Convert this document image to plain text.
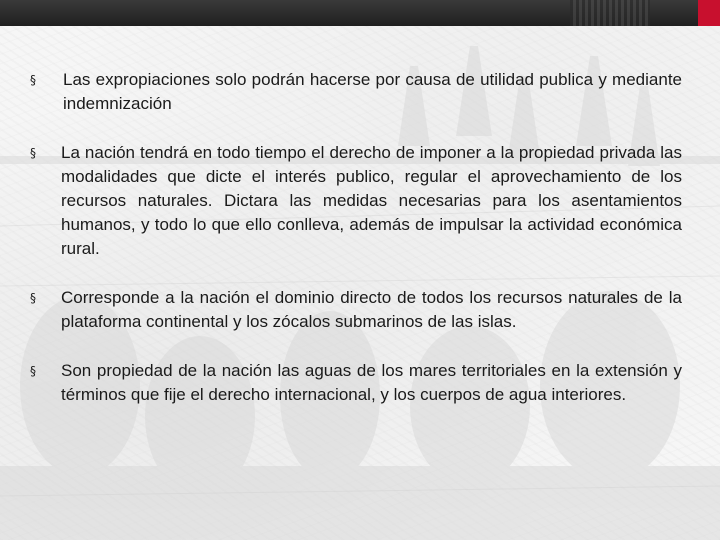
§	Las expropiaciones solo podrán hacerse por causa de utilidad publica y mediante indemnización
§	La nación tendrá en todo tiempo el derecho de imponer a la propiedad privada las modalidades que dicte el interés publico, regular el aprovechamiento de los recursos naturales. Dictara las medidas necesarias para los asentamientos humanos, y todo lo que ello conlleva, además de impulsar la actividad económica rural.
§	Corresponde a la nación el dominio directo de todos los recursos naturales de la plataforma continental y los zócalos submarinos de las islas.
§	Son propiedad de la nación las aguas de los mares territoriales en la extensión y términos que fije el derecho internacional, y los cuerpos de agua interiores.
